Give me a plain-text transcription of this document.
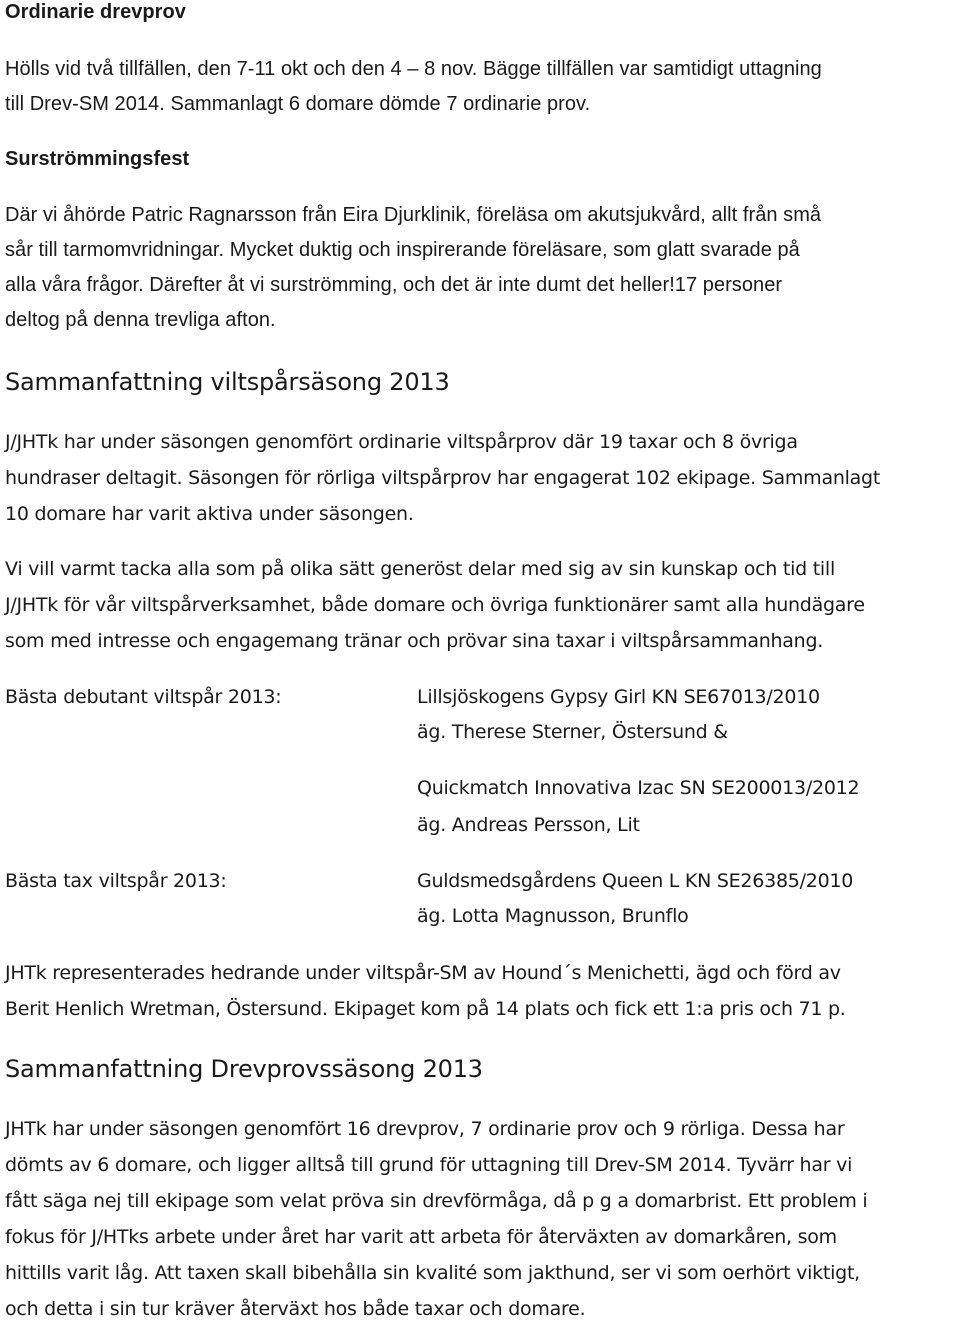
Ordinarie drevprov
Hölls vid två tillfällen, den 7-11 okt och den 4 – 8 nov. Bägge tillfällen var samtidigt uttagning
till Drev-SM 2014. Sammanlagt 6 domare dömde 7 ordinarie prov.
Surströmmingsfest
Där vi åhörde Patric Ragnarsson från Eira Djurklinik, föreläsa om akutsjukvård, allt från små
sår till tarmomvridningar. Mycket duktig och inspirerande föreläsare, som glatt svarade på
alla våra frågor. Därefter åt vi surströmming, och det är inte dumt det heller!17 personer
deltog på denna trevliga afton.
Sammanfattning viltspårsäsong 2013
J/JHTk har under säsongen genomfört ordinarie viltspårprov där 19 taxar och 8 övriga
hundraser deltagit. Säsongen för rörliga viltspårprov har engagerat 102 ekipage. Sammanlagt
10 domare har varit aktiva under säsongen.
Vi vill varmt tacka alla som på olika sätt generöst delar med sig av sin kunskap och tid till
J/JHTk för vår viltspårverksamhet, både domare och övriga funktionärer samt alla hundägare
som med intresse och engagemang tränar och prövar sina taxar i viltspårsammanhang.
Bästa debutant viltspår 2013:	Lillsjöskogens Gypsy Girl KN SE67013/2010
äg. Therese Sterner, Östersund &
Quickmatch Innovativa Izac SN SE200013/2012
äg. Andreas Persson, Lit
Bästa tax viltspår 2013:	Guldsmedsgårdens Queen L KN SE26385/2010
äg. Lotta Magnusson, Brunflo
JHTk representerades hedrande under viltspår-SM av Hound´s Menichetti, ägd och förd av
Berit Henlich Wretman, Östersund. Ekipaget kom på 14 plats och fick ett 1:a pris och 71 p.
Sammanfattning Drevprovssäsong 2013
JHTk har under säsongen genomfört 16 drevprov, 7 ordinarie prov och 9 rörliga. Dessa har
dömts av 6 domare, och ligger alltså till grund för uttagning till Drev-SM 2014. Tyvärr har vi
fått säga nej till ekipage som velat pröva sin drevförmåga, då p g a domarbrist. Ett problem i
fokus för J/HTks arbete under året har varit att arbeta för återväxten av domarkåren, som
hittills varit låg. Att taxen skall bibehålla sin kvalité som jakthund, ser vi som oerhört viktigt,
och detta i sin tur kräver återväxt hos både taxar och domare.
